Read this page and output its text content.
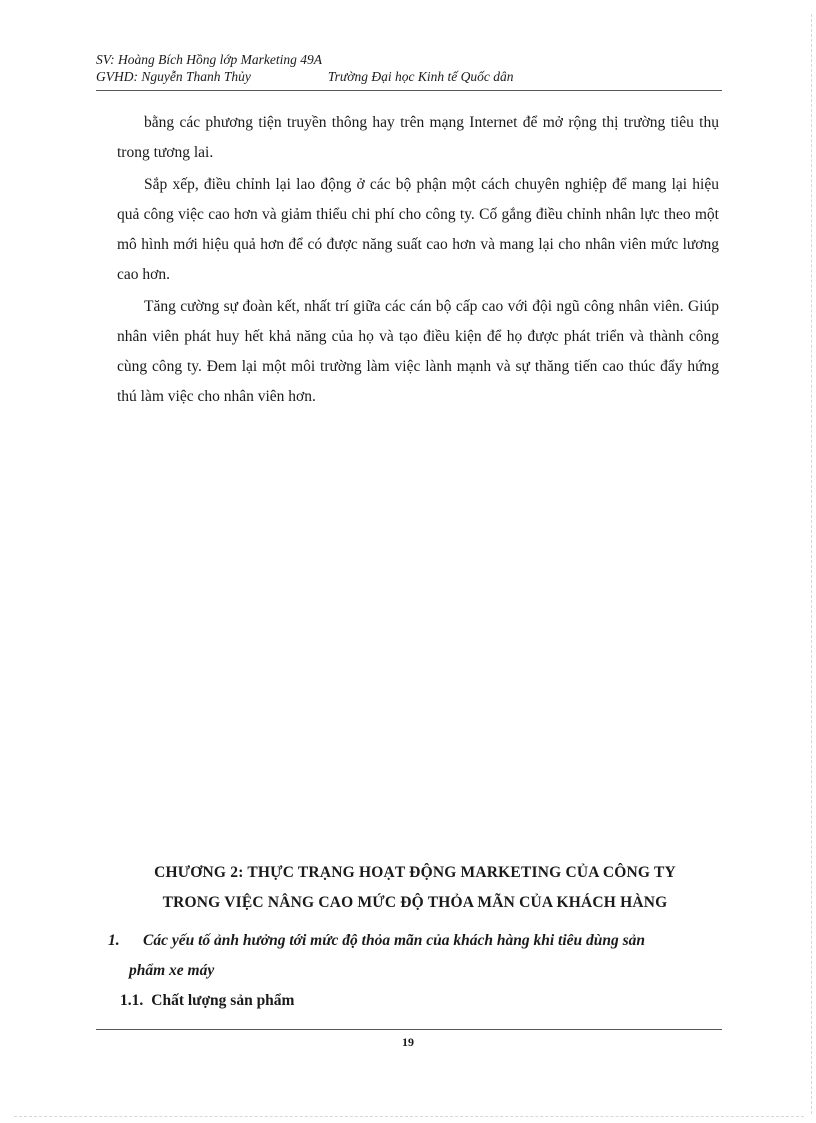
SV: Hoàng Bích Hồng lớp Marketing 49A
GVHD: Nguyễn Thanh Thủy	Trường Đại học Kinh tế Quốc dân

bằng các phương tiện truyền thông hay trên mạng Internet để mở rộng thị trường tiêu thụ trong tương lai.

Sắp xếp, điều chỉnh lại lao động ở các bộ phận một cách chuyên nghiệp để mang lại hiệu quả công việc cao hơn và giảm thiểu chi phí cho công ty. Cố gắng điều chỉnh nhân lực theo một mô hình mới hiệu quả hơn để có được năng suất cao hơn và mang lại cho nhân viên mức lương cao hơn.

Tăng cường sự đoàn kết, nhất trí giữa các cán bộ cấp cao với đội ngũ công nhân viên. Giúp nhân viên phát huy hết khả năng của họ và tạo điều kiện để họ được phát triển và thành công cùng công ty. Đem lại một môi trường làm việc lành mạnh và sự thăng tiến cao thúc đẩy hứng thú làm việc cho nhân viên hơn.

CHƯƠNG 2: THỰC TRẠNG HOẠT ĐỘNG MARKETING CỦA CÔNG TY
TRONG VIỆC NÂNG CAO MỨC ĐỘ THỎA MÃN CỦA KHÁCH HÀNG
1. Các yếu tố ảnh hưởng tới mức độ thỏa mãn của khách hàng khi tiêu dùng sản
phẩm xe máy
1.1. Chất lượng sản phẩm
19
